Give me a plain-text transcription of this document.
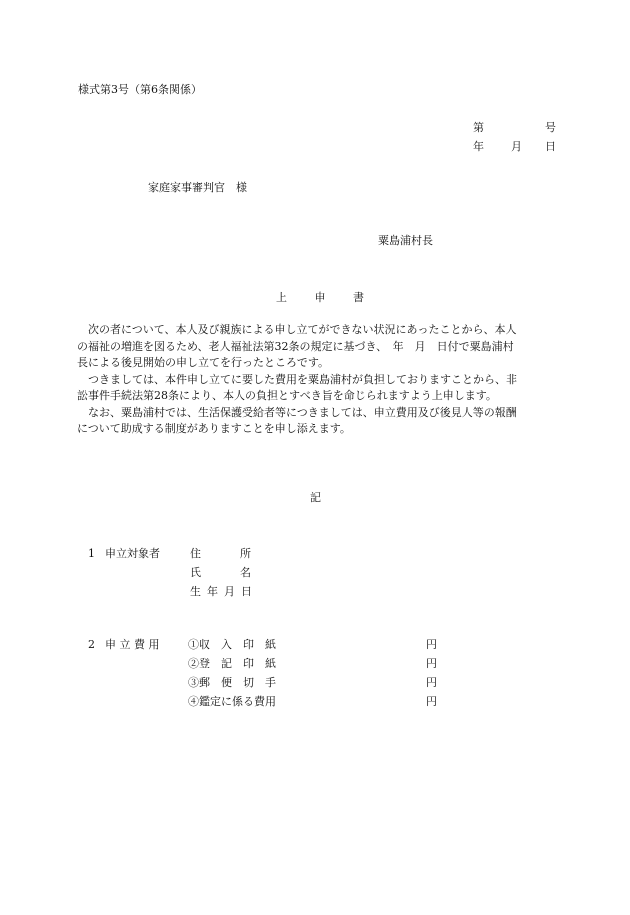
様式第3号（第6条関係）
第	号
年 月 日
家庭家事審判官　様
粟島浦村長
上	申	書
　次の者について、本人及び親族による申し立てができない状況にあったことから、本人
の福祉の増進を図るため、老人福祉法第32条の規定に基づき、　年　月　日付で粟島浦村
長による後見開始の申し立てを行ったところです。
　つきましては、本件申し立てに要した費用を粟島浦村が負担しておりますことから、非
訟事件手続法第28条により、本人の負担とすべき旨を命じられますよう上申します。
　なお、粟島浦村では、生活保護受給者等につきましては、申立費用及び後見人等の報酬
について助成する制度がありますことを申し添えます。
記
1 申立対象者	住	所
氏	名
生 年 月 日
2 申 立 費 用	①収　入　印　紙	円
②登　記　印　紙	円
③郵　便　切　手	円
④鑑定に係る費用	円
